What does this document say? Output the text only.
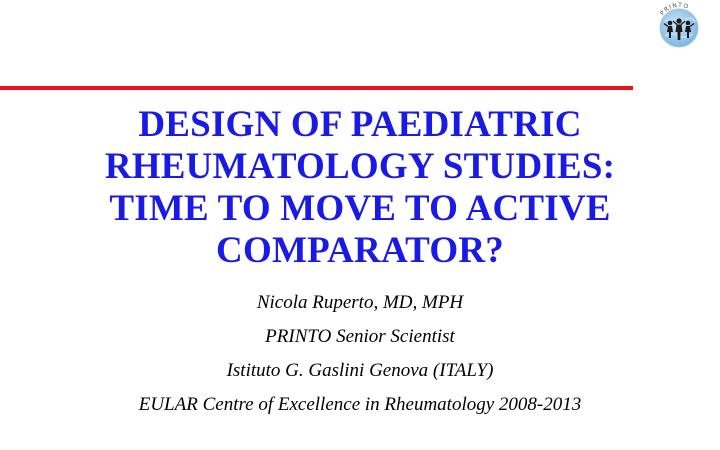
PRINTO
DESIGN OF PAEDIATRIC
RHEUMATOLOGY STUDIES:
TIME TO MOVE TO ACTIVE
COMPARATOR?
Nicola Ruperto, MD, MPH
PRINTO Senior Scientist
Istituto G. Gaslini Genova (ITALY)
EULAR Centre of Excellence in Rheumatology 2008-2013
